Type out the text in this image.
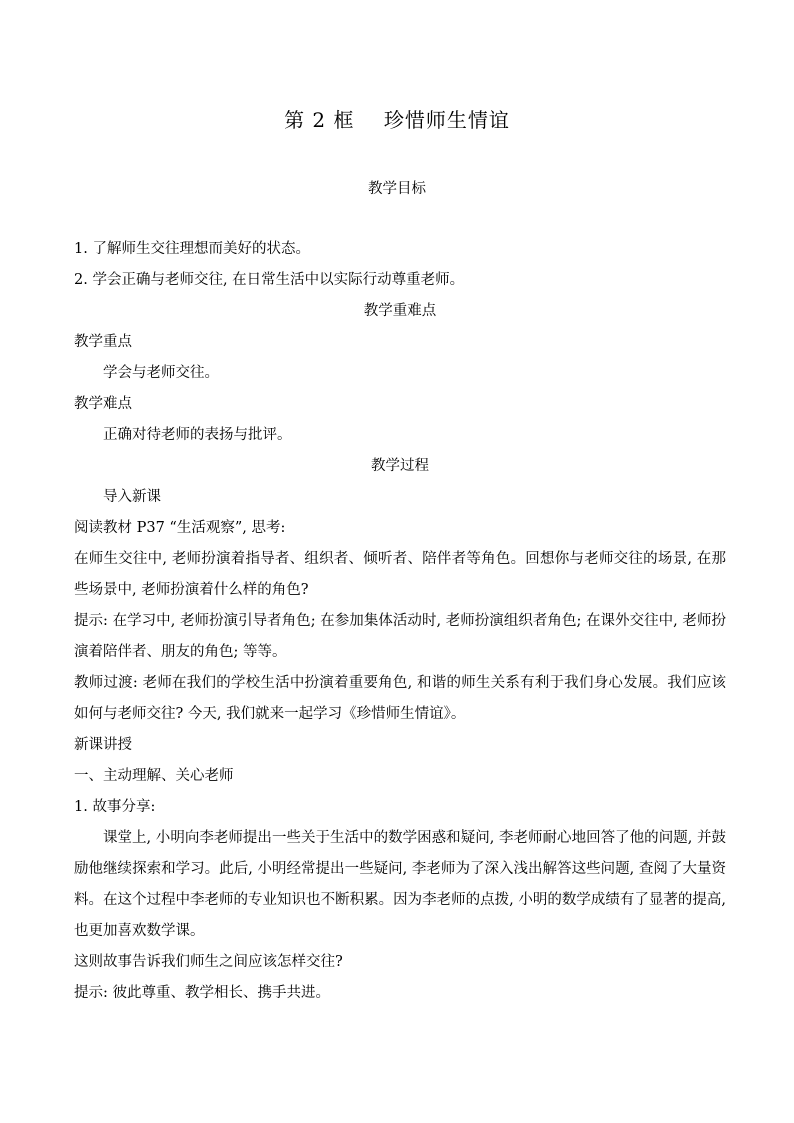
第 2 框    珍惜师生情谊
教学目标

1. 了解师生交往理想而美好的状态。

2. 学会正确与老师交往, 在日常生活中以实际行动尊重老师。

教学重难点

教学重点

学会与老师交往。

教学难点

正确对待老师的表扬与批评。

教学过程

导入新课

阅读教材 P37 “生活观察”, 思考:

在师生交往中, 老师扮演着指导者、组织者、倾听者、陪伴者等角色。回想你与老师交往的场景, 在那些场景中, 老师扮演着什么样的角色?

提示: 在学习中, 老师扮演引导者角色; 在参加集体活动时, 老师扮演组织者角色; 在课外交往中, 老师扮演着陪伴者、朋友的角色; 等等。

教师过渡: 老师在我们的学校生活中扮演着重要角色, 和谐的师生关系有利于我们身心发展。我们应该如何与老师交往? 今天, 我们就来一起学习《珍惜师生情谊》。

新课讲授

一、主动理解、关心老师

1. 故事分享:

课堂上, 小明向李老师提出一些关于生活中的数学困惑和疑问, 李老师耐心地回答了他的问题, 并鼓励他继续探索和学习。此后, 小明经常提出一些疑问, 李老师为了深入浅出解答这些问题, 查阅了大量资料。在这个过程中李老师的专业知识也不断积累。因为李老师的点拨, 小明的数学成绩有了显著的提高, 也更加喜欢数学课。

这则故事告诉我们师生之间应该怎样交往?

提示: 彼此尊重、教学相长、携手共进。
